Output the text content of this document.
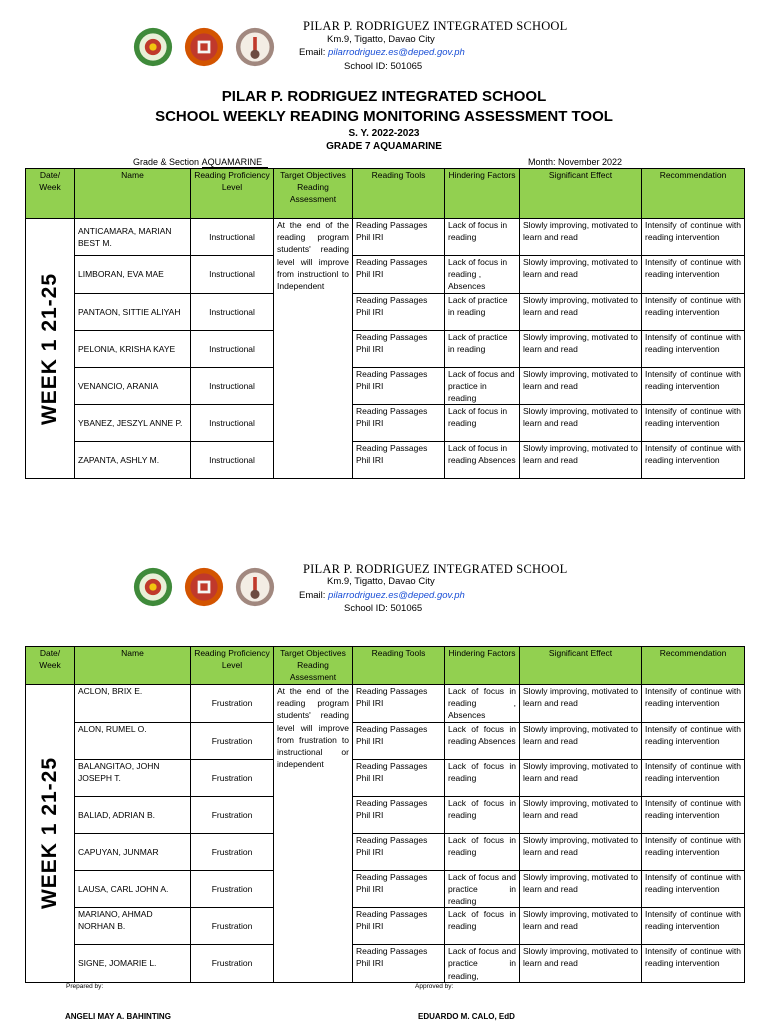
PILAR P. RODRIGUEZ INTEGRATED SCHOOL
Km.9, Tigatto, Davao City
Email: pilarrodriguez.es@deped.gov.ph
School ID: 501065
PILAR P. RODRIGUEZ INTEGRATED SCHOOL
SCHOOL WEEKLY READING MONITORING ASSESSMENT TOOL
S. Y. 2022-2023
GRADE 7 AQUAMARINE
Grade & Section AQUAMARINE	Month: November 2022
Date/ Week	Name	Reading Proficiency Level	Target Objectives Reading Assessment	Reading Tools	Hindering Factors	Significant Effect	Recommendation

WEEK 1 21-25	ANTICAMARA, MARIAN BEST M.	Instructional	At the end of the reading program students' reading level will improve from instructionl to Independent	Reading Passages Phil IRI	Lack of focus in reading	Slowly improving, motivated to learn and read	Intensify of continue with reading intervention
	LIMBORAN, EVA MAE	Instructional		Reading Passages Phil IRI	Lack of focus in reading , Absences	Slowly improving, motivated to learn and read	Intensify of continue with reading intervention
	PANTAON, SITTIE ALIYAH	Instructional		Reading Passages Phil IRI	Lack of practice in reading	Slowly improving, motivated to learn and read	Intensify of continue with reading intervention
	PELONIA, KRISHA KAYE	Instructional		Reading Passages Phil IRI	Lack of practice in reading	Slowly improving, motivated to learn and read	Intensify of continue with reading intervention
	VENANCIO, ARANIA	Instructional		Reading Passages Phil IRI	Lack of focus and practice in reading	Slowly improving, motivated to learn and read	Intensify of continue with reading intervention
	YBANEZ, JESZYL ANNE P.	Instructional		Reading Passages Phil IRI	Lack of focus in reading	Slowly improving, motivated to learn and read	Intensify of continue with reading intervention
	ZAPANTA, ASHLY M.	Instructional		Reading Passages Phil IRI	Lack of focus in reading Absences	Slowly improving, motivated to learn and read	Intensify of continue with reading intervention
PILAR P. RODRIGUEZ INTEGRATED SCHOOL
Km.9, Tigatto, Davao City
Email: pilarrodriguez.es@deped.gov.ph
School ID: 501065
Date/ Week	Name	Reading Proficiency Level	Target Objectives Reading Assessment	Reading Tools	Hindering Factors	Significant Effect	Recommendation

WEEK 1 21-25	ACLON, BRIX E.	Frustration	At the end of the reading program students' reading level will improve from frustration to instructional or independent	Reading Passages Phil IRI	Lack of focus in reading , Absences	Slowly improving, motivated to learn and read	Intensify of continue with reading intervention
	ALON, RUMEL O.	Frustration		Reading Passages Phil IRI	Lack of focus in reading Absences	Slowly improving, motivated to learn and read	Intensify of continue with reading intervention
	BALANGITAO, JOHN JOSEPH T.	Frustration		Reading Passages Phil IRI	Lack of focus in reading	Slowly improving, motivated to learn and read	Intensify of continue with reading intervention
	BALIAD, ADRIAN B.	Frustration		Reading Passages Phil IRI	Lack of focus in reading	Slowly improving, motivated to learn and read	Intensify of continue with reading intervention
	CAPUYAN, JUNMAR	Frustration		Reading Passages Phil IRI	Lack of focus in reading	Slowly improving, motivated to learn and read	Intensify of continue with reading intervention
	LAUSA, CARL JOHN A.	Frustration		Reading Passages Phil IRI	Lack of focus and practice in reading	Slowly improving, motivated to learn and read	Intensify of continue with reading intervention
	MARIANO, AHMAD NORHAN B.	Frustration		Reading Passages Phil IRI	Lack of focus in reading	Slowly improving, motivated to learn and read	Intensify of continue with reading intervention
	SIGNE, JOMARIE L.	Frustration		Reading Passages Phil IRI	Lack of focus and practice in reading,	Slowly improving, motivated to learn and read	Intensify of continue with reading intervention
Prepared by:	Approved by:
ANGELI MAY A. BAHINTING	EDUARDO M. CALO, EdD
